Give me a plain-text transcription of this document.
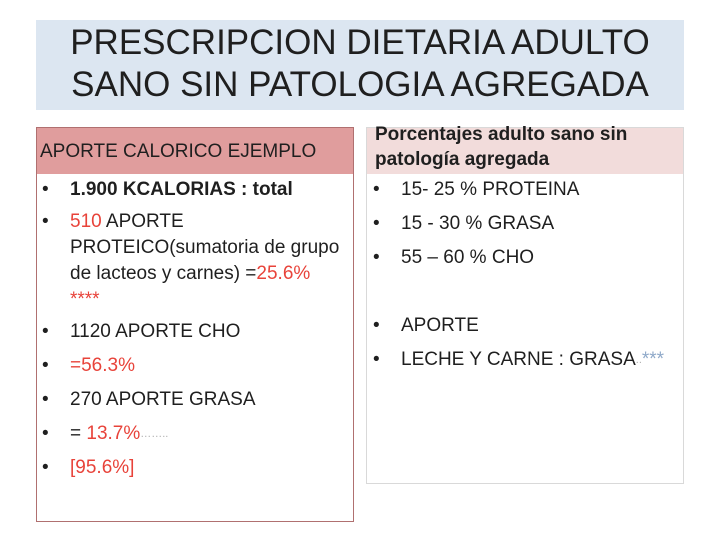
PRESCRIPCION DIETARIA ADULTO
SANO SIN PATOLOGIA AGREGADA
APORTE CALORICO EJEMPLO
• 1.900 KCALORIAS : total
• 510 APORTE PROTEICO(sumatoria de grupo de lacteos y carnes) =25.6% ****
• 1120 APORTE CHO
• =56.3%
• 270 APORTE GRASA
• = 13.7%……..
• [95.6%]
Porcentajes adulto sano sin patología agregada
• 15- 25 % PROTEINA
• 15 - 30 % GRASA
• 55 – 60 % CHO
• APORTE
• LECHE Y CARNE : GRASA..***
